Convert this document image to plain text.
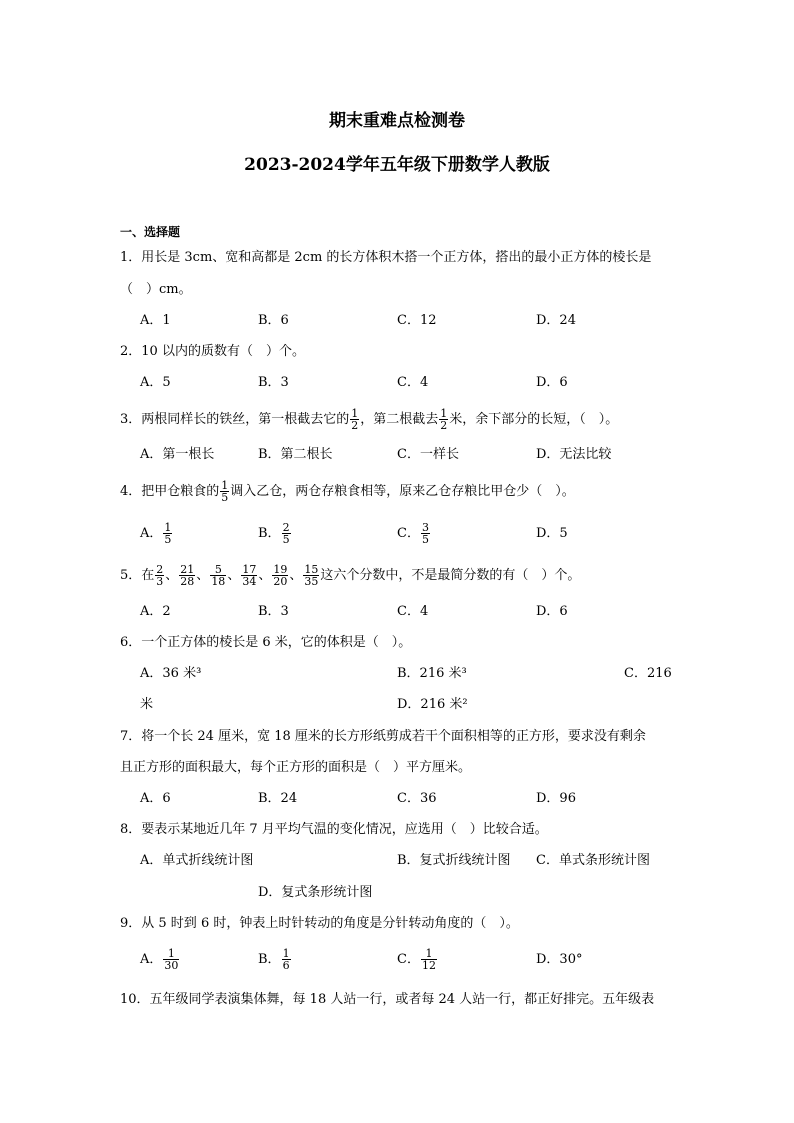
期末重难点检测卷
2023-2024学年五年级下册数学人教版
一、选择题
1．用长是 3cm、宽和高都是 2cm 的长方体积木搭一个正方体，搭出的最小正方体的棱长是
（　）cm。
A．1	B．6	C．12	D．24
2．10 以内的质数有（　）个。
A．5	B．3	C．4	D．6
3．两根同样长的铁丝，第一根截去它的 $\frac{1}{2}$ ，第二根截去 $\frac{1}{2}$ 米，余下部分的长短，（　）。
A．第一根长	B．第二根长	C．一样长	D．无法比较
4．把甲仓粮食的 $\frac{1}{5}$ 调入乙仓，两仓存粮食相等，原来乙仓存粮比甲仓少（　）。
A． $\frac{1}{5}$	B． $\frac{2}{5}$	C． $\frac{3}{5}$	D．5
5．在 $\frac{2}{3}$ 、 $\frac{21}{28}$ 、 $\frac{5}{18}$ 、 $\frac{17}{34}$ 、 $\frac{19}{20}$ 、 $\frac{15}{35}$ 这六个分数中，不是最简分数的有（　）个。
A．2	B．3	C．4	D．6
6．一个正方体的棱长是 6 米，它的体积是（　）。
A．36 米³	B．216 米³	C．216
米	D．216 米²
7．将一个长 24 厘米，宽 18 厘米的长方形纸剪成若干个面积相等的正方形，要求没有剩余
且正方形的面积最大，每个正方形的面积是（　）平方厘米。
A．6	B．24	C．36	D．96
8．要表示某地近几年 7 月平均气温的变化情况，应选用（　）比较合适。
A．单式折线统计图	B．复式折线统计图 C．单式条形统计图
D．复式条形统计图
9．从 5 时到 6 时，钟表上时针转动的角度是分针转动角度的（　）。
A． $\frac{1}{30}$	B． $\frac{1}{6}$	C． $\frac{1}{12}$	D．30°
10．五年级同学表演集体舞，每 18 人站一行，或者每 24 人站一行，都正好排完。五年级表
